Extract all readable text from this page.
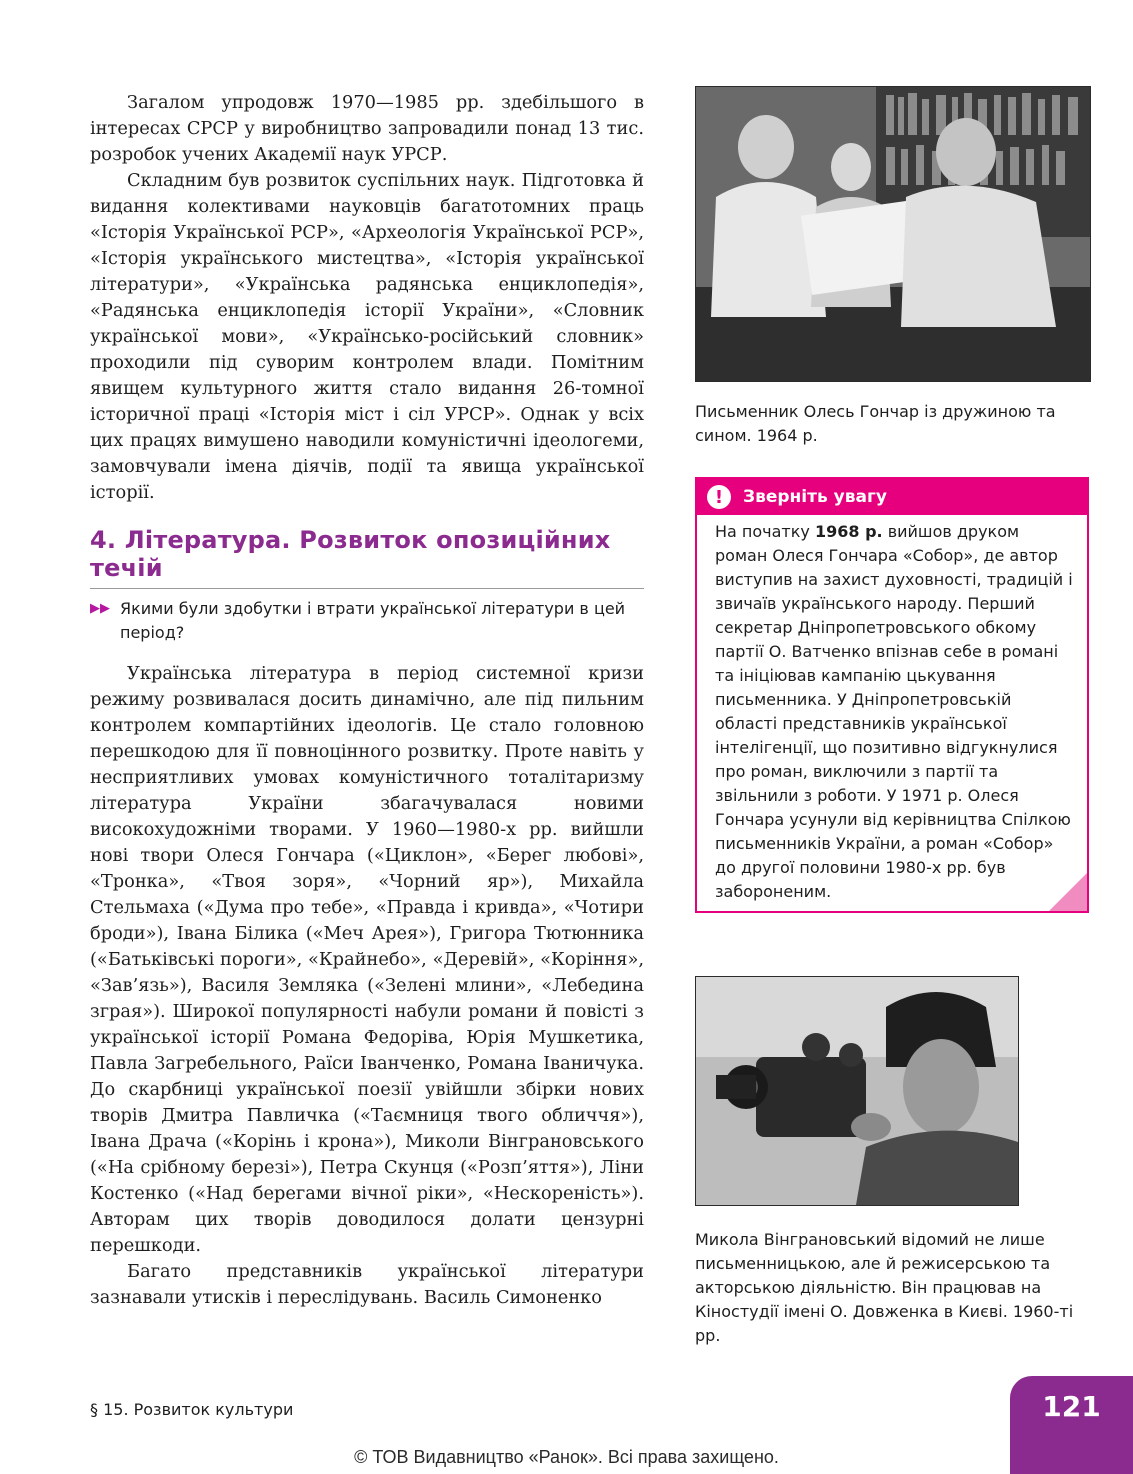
Загалом упродовж 1970—1985 рр. здебільшого в інтересах СРСР у виробництво запровадили понад 13 тис. розробок учених Академії наук УРСР.

Складним був розвиток суспільних наук. Підготовка й видання колективами науковців багатотомних праць «Історія Української РСР», «Археологія Української РСР», «Історія українського мистецтва», «Історія української літератури», «Українська радянська енциклопедія», «Радянська енциклопедія історії України», «Словник української мови», «Українсько-російський словник» проходили під суворим контролем влади. Помітним явищем культурного життя стало видання 26-томної історичної праці «Історія міст і сіл УРСР». Однак у всіх цих працях вимушено наводили комуністичні ідеологеми, замовчували імена діячів, події та явища української історії.

4. Література. Розвиток опозиційних течій
▶▶ Якими були здобутки і втрати української літератури в цей період?

Українська література в період системної кризи режиму розвивалася досить динамічно, але під пильним контролем компартійних ідеологів. Це стало головною перешкодою для її повноцінного розвитку. Проте навіть у несприятливих умовах комуністичного тоталітаризму література України збагачувалася новими високохудожніми творами. У 1960—1980-х рр. вийшли нові твори Олеся Гончара («Циклон», «Берег любові», «Тронка», «Твоя зоря», «Чорний яр»), Михайла Стельмаха («Дума про тебе», «Правда і кривда», «Чотири броди»), Івана Білика («Меч Арея»), Григора Тютюнника («Батьківські пороги», «Крайнебо», «Деревій», «Коріння», «Зав’язь»), Василя Земляка («Зелені млини», «Лебедина зграя»). Широкої популярності набули романи й повісті з української історії Романа Федоріва, Юрія Мушкетика, Павла Загребельного, Раїси Іванченко, Романа Іваничука. До скарбниці української поезії увійшли збірки нових творів Дмитра Павличка («Таємниця твого обличчя»), Івана Драча («Корінь і крона»), Миколи Вінграновського («На срібному березі»), Петра Скунця («Розп’яття»), Ліни Костенко («Над берегами вічної ріки», «Нескореність»). Авторам цих творів доводилося долати цензурні перешкоди.

Багато представників української літератури зазнавали утисків і переслідувань. Василь Симоненко

Письменник Олесь Гончар із дружиною та сином. 1964 р.

!	Зверніть увагу

На початку 1968 р. вийшов друком роман Олеся Гончара «Собор», де автор виступив на захист духовності, традицій і звичаїв українського народу. Перший секретар Дніпропетровського обкому партії О. Ватченко впізнав себе в романі та ініціював кампанію цькування письменника. У Дніпропетровській області представників української інтелігенції, що позитивно відгукнулися про роман, виключили з партії та звільнили з роботи. У 1971 р. Олеся Гончара усунули від керівництва Спілкою письменників України, а роман «Собор» до другої половини 1980-х рр. був забороненим.

Микола Вінграновський відомий не лише письменницькою, але й режисерською та акторською діяльністю. Він працював на Кіностудії імені О. Довженка в Києві. 1960-ті рр.

§ 15. Розвиток культури	121
© ТОВ Видавництво «Ранок». Всі права захищено.
